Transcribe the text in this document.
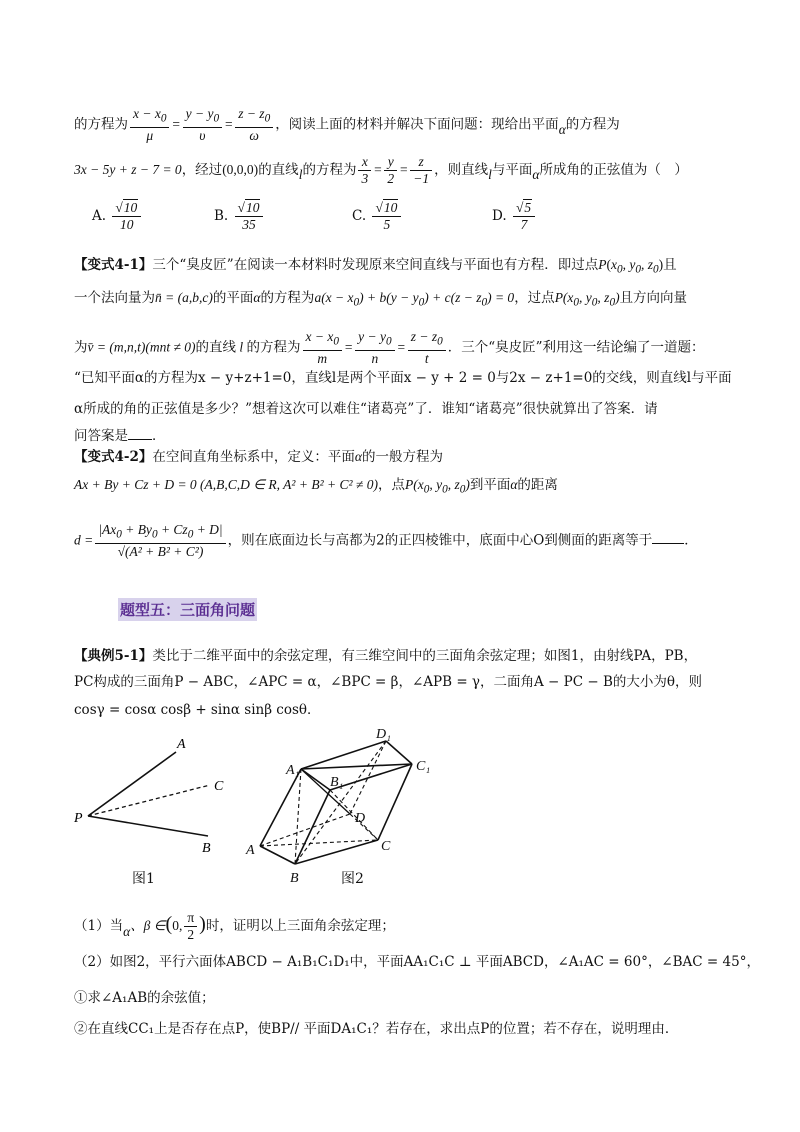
的方程为 $\frac{x - x_0}{\mu} = \frac{y - y_0}{\upsilon} = \frac{z - z_0}{\omega}$ ，阅读上面的材料并解决下面问题：现给出平面α的方程为
3x − 5y + z − 7 = 0，经过(0,0,0)的直线l的方程为 $\frac{x}{3} = \frac{y}{2} = \frac{z}{-1}$ ，则直线l与平面α所成角的正弦值为（　）
A. $\frac{√10}{10}$	B. $\frac{√10}{35}$	C. $\frac{√10}{5}$	D. $\frac{√5}{7}$
【变式4-1】三个“臭皮匠”在阅读一本材料时发现原来空间直线与平面也有方程．即过点$P(x_0$, $y_0$, $z_0$)且
一个法向量为n̄ = (a,b,c)的平面α的方程为$a(x - x_0) + b(y - y_0) + c(z - z_0) = 0$，过点$P(x_0$, $y_0$, $z_0$)且方向向量
为v̄ = (m,n,t)(mnt ≠ 0)的直线 l 的方程为 $\frac{x - x_0}{m} = \frac{y - y_0}{n} = \frac{z - z_0}{t}$ ．三个“臭皮匠”利用这一结论编了一道题：
“已知平面α的方程为x − y+z+1=0，直线l是两个平面x − y + 2 = 0与2x − z+1=0的交线，则直线l与平面
α所成的角的正弦值是多少？”想着这次可以难住“诸葛亮”了．谁知“诸葛亮”很快就算出了答案．请
问答案是 ．
【变式4-2】在空间直角坐标系中，定义：平面α的一般方程为
Ax + By + Cz + D = 0 (A,B,C,D ∈ R, A² + B² + C² ≠ 0)，点$P(x_0$, $y_0$, $z_0$)到平面α的距离
$d = \frac{|Ax_0 + By_0 + Cz_0 + D|}{\text{√(A² + B² + C²)}}$ ，则在底面边长与高都为2的正四棱锥中，底面中心O到侧面的距离等于 ．
题型五：三面角问题
【典例5-1】类比于二维平面中的余弦定理，有三维空间中的三面角余弦定理；如图1，由射线PA，PB，
PC构成的三面角P − ABC，∠APC = α，∠BPC = β，∠APB = γ，二面角A − PC − B的大小为θ，则
cosγ = cosα cosβ + sinα sinβ cosθ．
A
C
P
B
D₁
A₁
B₁
C₁
D
A	C
B
图1	图2
（1）当α、β ∈(0, $\frac{\pi}{2}$ )时，证明以上三面角余弦定理；
（2）如图2，平行六面体ABCD − A₁B₁C₁D₁中，平面AA₁C₁C ⊥ 平面ABCD，∠A₁AC = 60°，∠BAC = 45°，
①求∠A₁AB的余弦值；
②在直线CC₁上是否存在点P，使BP// 平面DA₁C₁？若存在，求出点P的位置；若不存在，说明理由．
